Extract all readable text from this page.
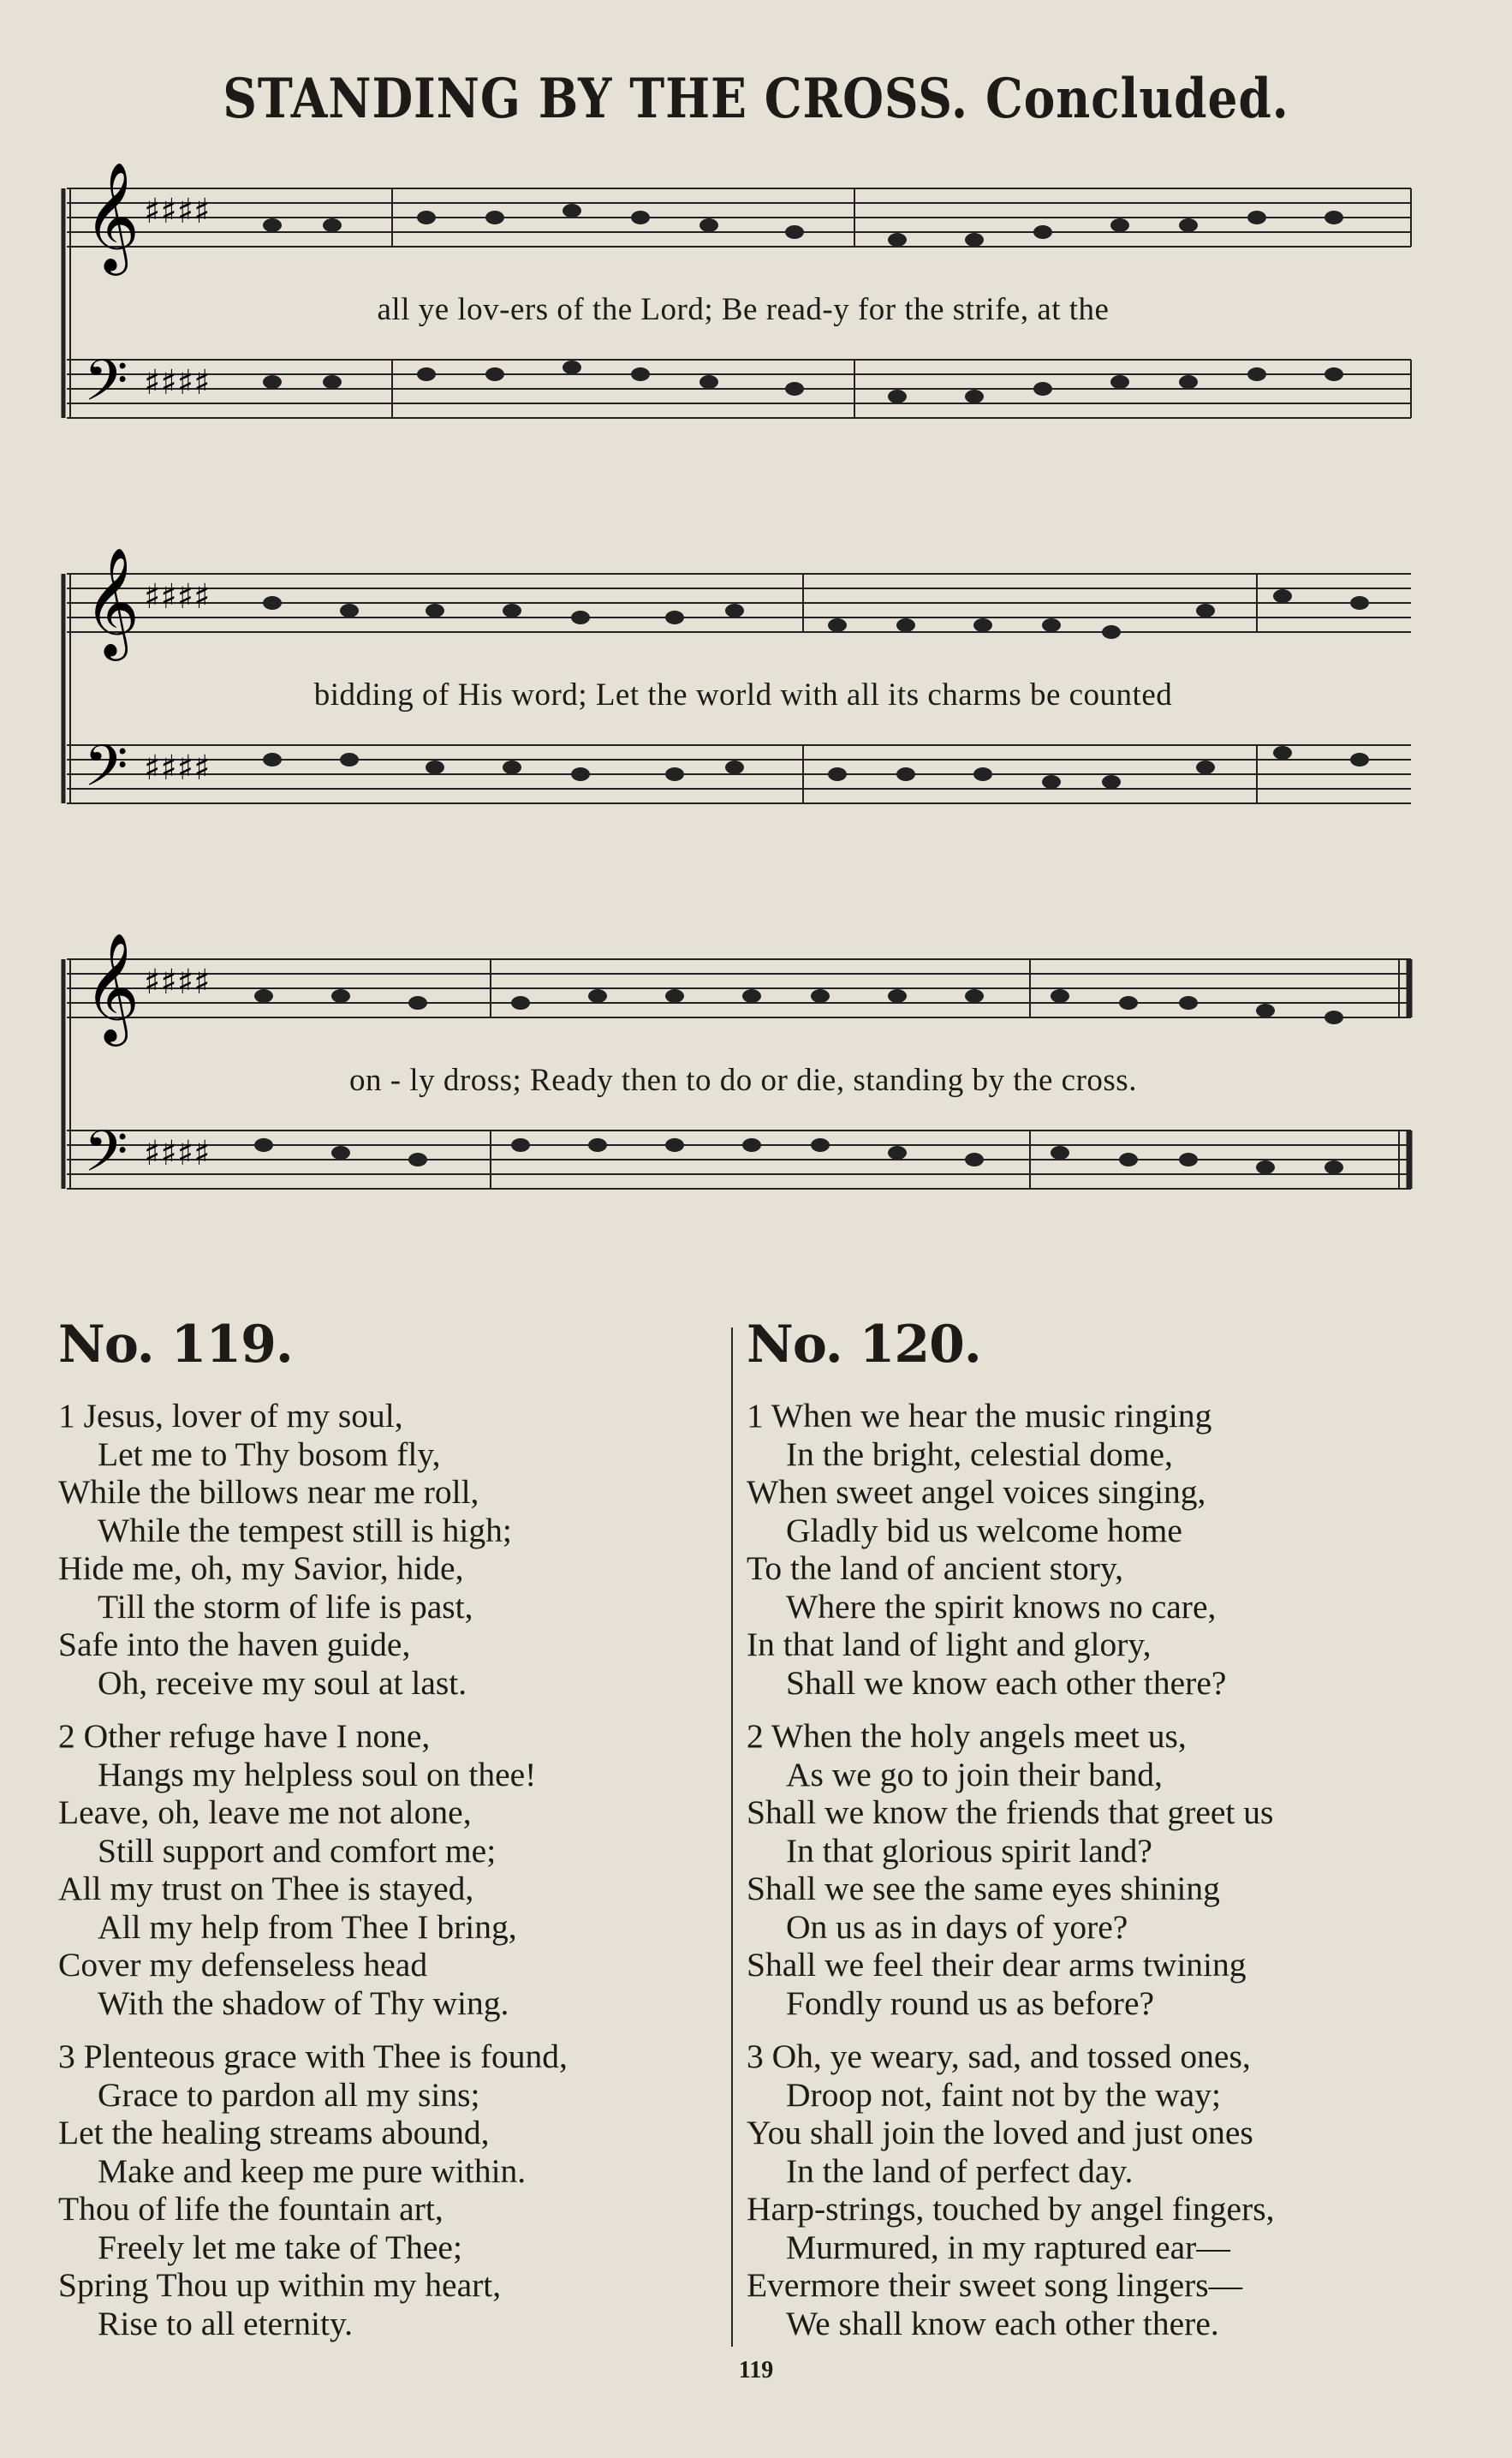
STANDING BY THE CROSS. Concluded.
𝄞
𝄢
♯♯♯♯
♯♯♯♯
all ye lov-ers of the Lord; Be read-y for the strife, at the
𝄞
𝄢
♯♯♯♯
♯♯♯♯
bidding of His word; Let the world with all its charms be counted
𝄞
𝄢
♯♯♯♯
♯♯♯♯
on - ly dross; Ready then to do or die, standing by the cross.
No. 119.
1 Jesus, lover of my soul,
Let me to Thy bosom fly,
While the billows near me roll,
While the tempest still is high;
Hide me, oh, my Savior, hide,
Till the storm of life is past,
Safe into the haven guide,
Oh, receive my soul at last.
2 Other refuge have I none,
Hangs my helpless soul on thee!
Leave, oh, leave me not alone,
Still support and comfort me;
All my trust on Thee is stayed,
All my help from Thee I bring,
Cover my defenseless head
With the shadow of Thy wing.
3 Plenteous grace with Thee is found,
Grace to pardon all my sins;
Let the healing streams abound,
Make and keep me pure within.
Thou of life the fountain art,
Freely let me take of Thee;
Spring Thou up within my heart,
Rise to all eternity.
No. 120.
1 When we hear the music ringing
In the bright, celestial dome,
When sweet angel voices singing,
Gladly bid us welcome home
To the land of ancient story,
Where the spirit knows no care,
In that land of light and glory,
Shall we know each other there?
2 When the holy angels meet us,
As we go to join their band,
Shall we know the friends that greet us
In that glorious spirit land?
Shall we see the same eyes shining
On us as in days of yore?
Shall we feel their dear arms twining
Fondly round us as before?
3 Oh, ye weary, sad, and tossed ones,
Droop not, faint not by the way;
You shall join the loved and just ones
In the land of perfect day.
Harp-strings, touched by angel fingers,
Murmured, in my raptured ear—
Evermore their sweet song lingers—
We shall know each other there.
119
